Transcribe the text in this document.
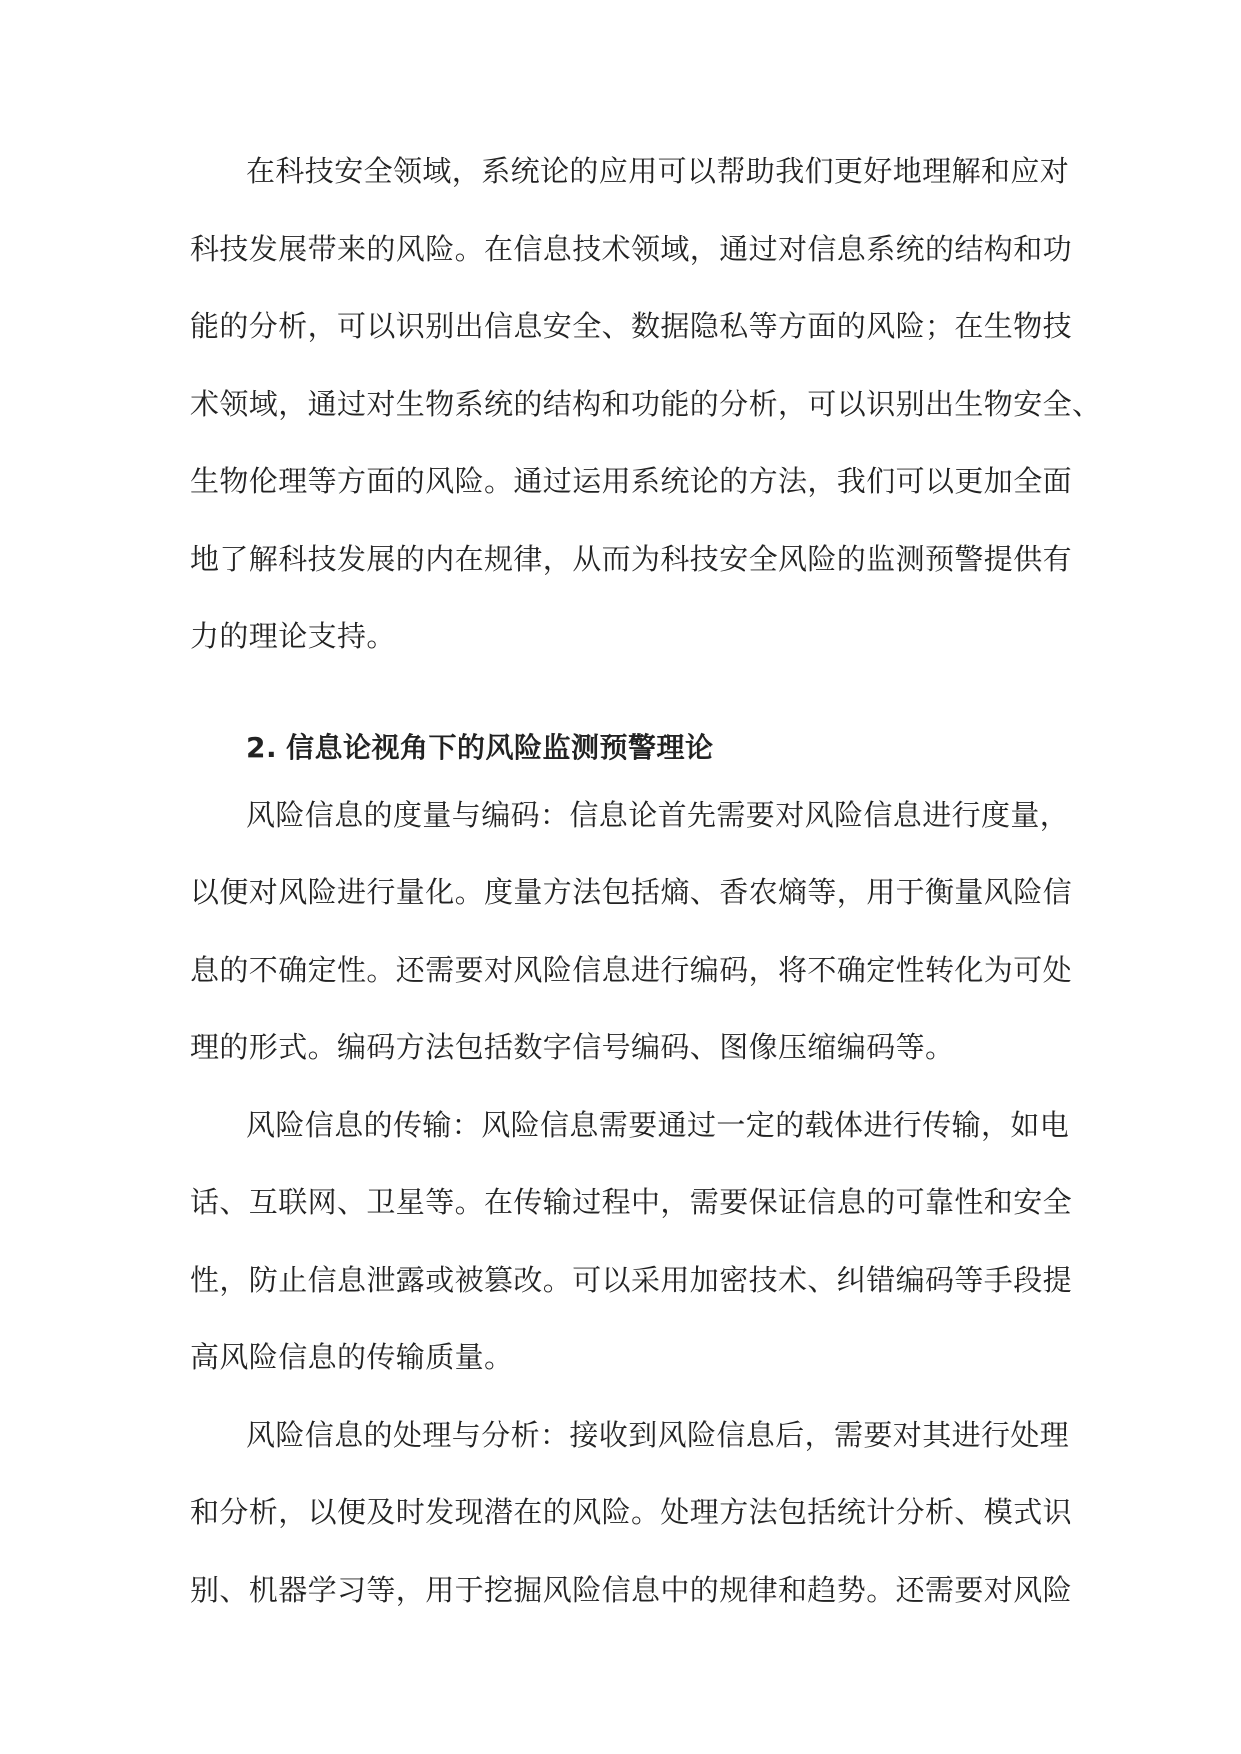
在科技安全领域，系统论的应用可以帮助我们更好地理解和应对
科技发展带来的风险。在信息技术领域，通过对信息系统的结构和功
能的分析，可以识别出信息安全、数据隐私等方面的风险；在生物技
术领域，通过对生物系统的结构和功能的分析，可以识别出生物安全、
生物伦理等方面的风险。通过运用系统论的方法，我们可以更加全面
地了解科技发展的内在规律，从而为科技安全风险的监测预警提供有
力的理论支持。
2. 信息论视角下的风险监测预警理论
风险信息的度量与编码：信息论首先需要对风险信息进行度量，
以便对风险进行量化。度量方法包括熵、香农熵等，用于衡量风险信
息的不确定性。还需要对风险信息进行编码，将不确定性转化为可处
理的形式。编码方法包括数字信号编码、图像压缩编码等。
风险信息的传输：风险信息需要通过一定的载体进行传输，如电
话、互联网、卫星等。在传输过程中，需要保证信息的可靠性和安全
性，防止信息泄露或被篡改。可以采用加密技术、纠错编码等手段提
高风险信息的传输质量。
风险信息的处理与分析：接收到风险信息后，需要对其进行处理
和分析，以便及时发现潜在的风险。处理方法包括统计分析、模式识
别、机器学习等，用于挖掘风险信息中的规律和趋势。还需要对风险
